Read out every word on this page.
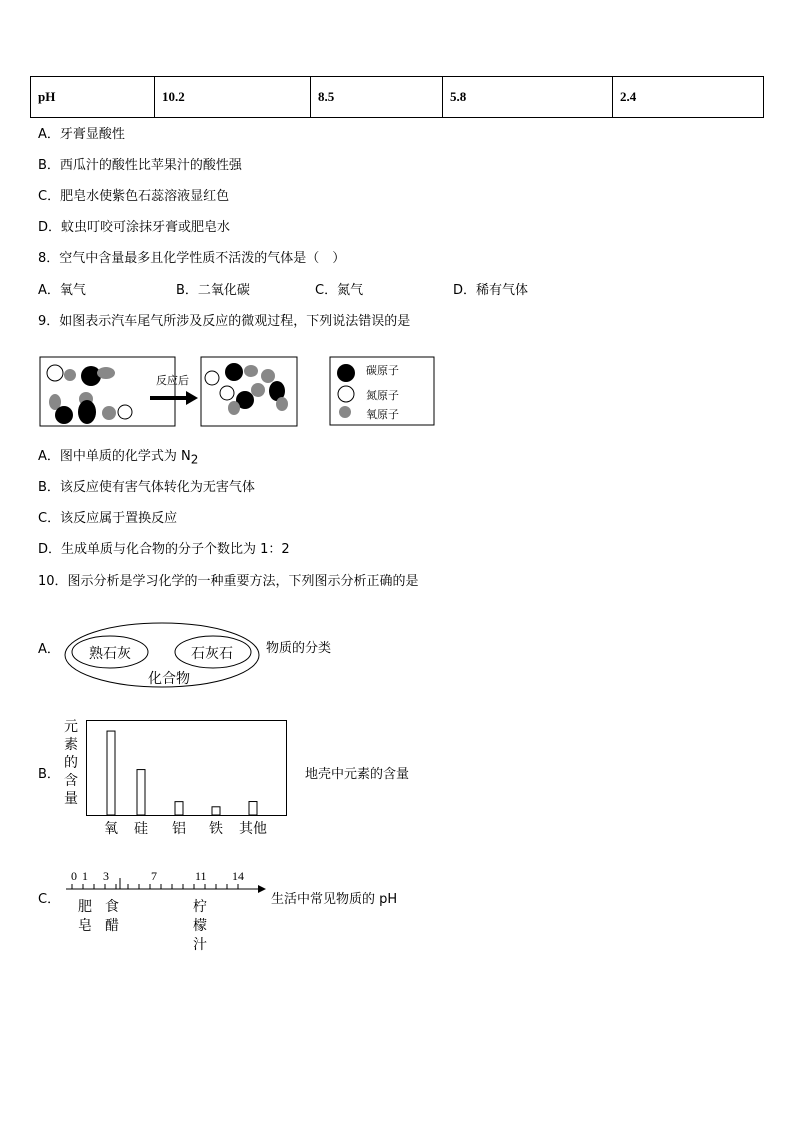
pH	10.2	8.5	5.8	2.4
A．牙膏显酸性
B．西瓜汁的酸性比苹果汁的酸性强
C．肥皂水使紫色石蕊溶液显红色
D．蚊虫叮咬可涂抹牙膏或肥皂水
8．空气中含量最多且化学性质不活泼的气体是（　）
A．氧气	B．二氧化碳	C．氮气	D．稀有气体
9．如图表示汽车尾气所涉及反应的微观过程，下列说法错误的是
反应后
碳原子
氮原子
氧原子
A．图中单质的化学式为 $N_2$
B．该反应使有害气体转化为无害气体
C．该反应属于置换反应
D．生成单质与化合物的分子个数比为 1：2
10．图示分析是学习化学的一种重要方法，下列图示分析正确的是
A． 熟石灰	石灰石
化合物
物质的分类
B．
元
素
的
含
量
氧 硅 铝 铁 其他
地壳中元素的含量
C．
0 1 3	7	11 14
肥
皂
食
醋
柠
檬
汁
生活中常见物质的 pH
